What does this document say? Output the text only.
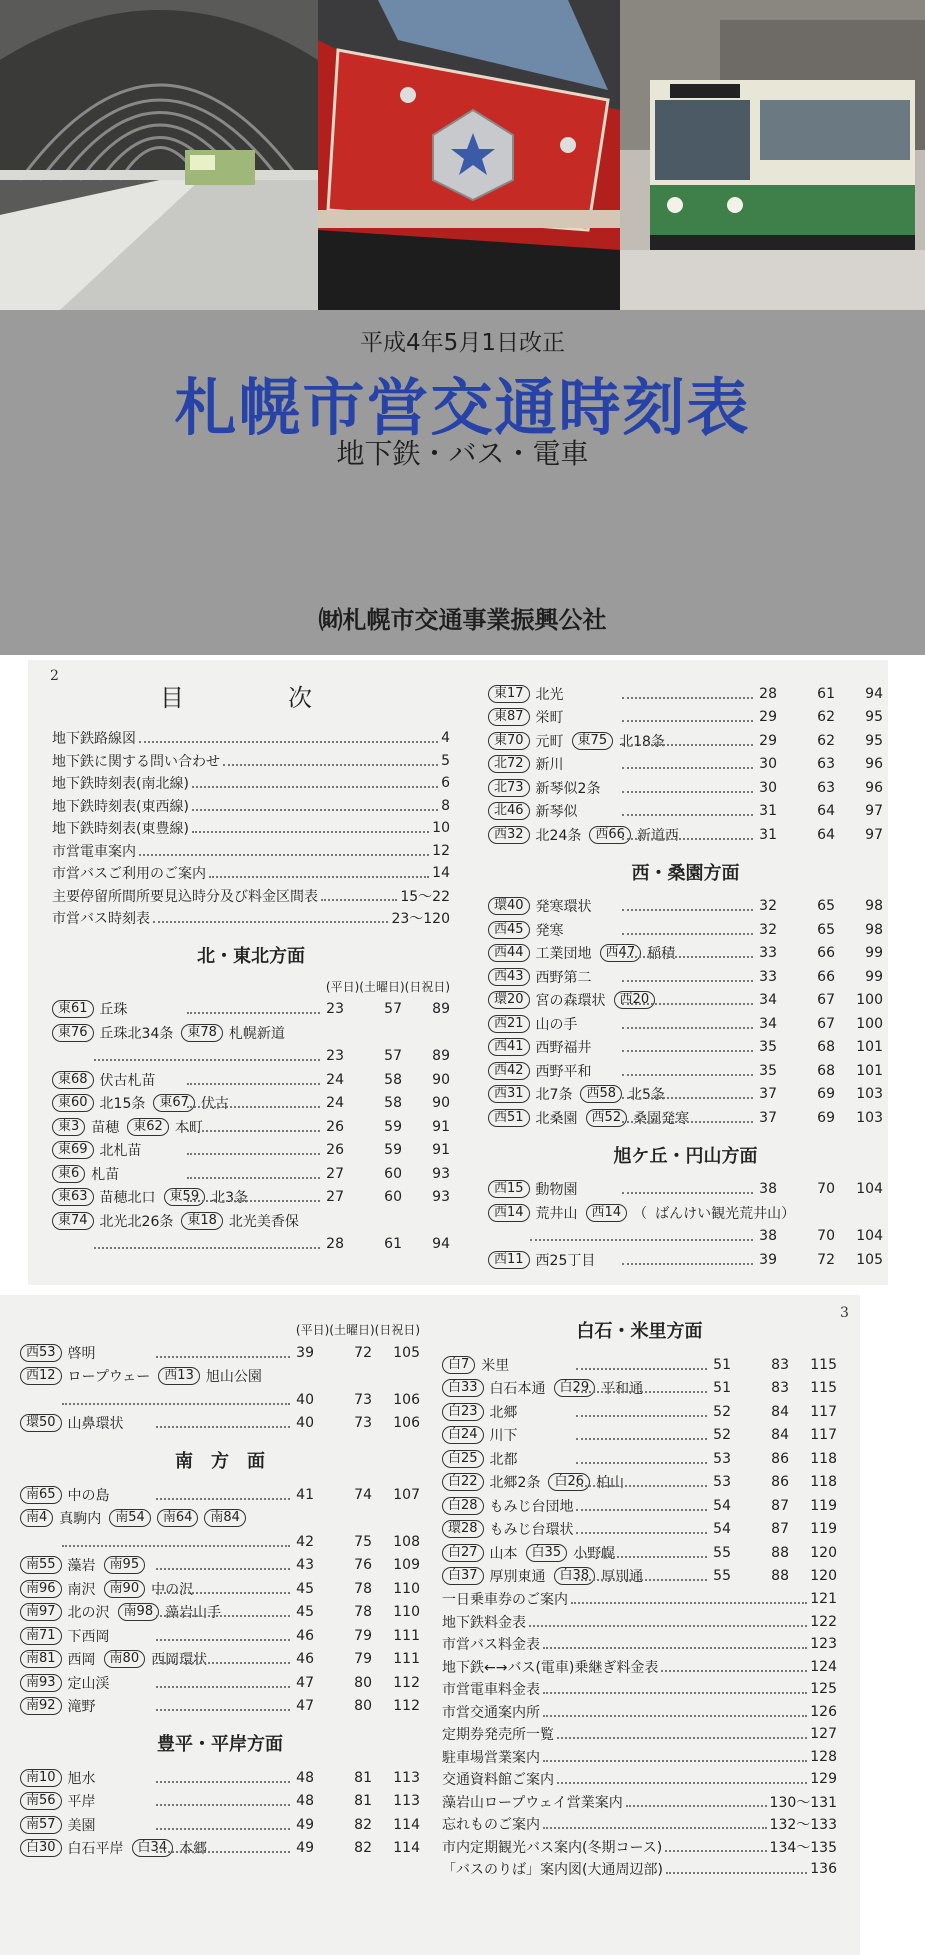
平成4年5月1日改正
札幌市営交通時刻表
地下鉄・バス・電車
㈶札幌市交通事業振興公社
2
目　次
地下鉄路線図	4
地下鉄に関する問い合わせ	5
地下鉄時刻表(南北線)	6
地下鉄時刻表(東西線)	8
地下鉄時刻表(東豊線)	10
市営電車案内	12
市営バスご利用のご案内	14
主要停留所間所要見込時分及び料金区間表	15～22
市営バス時刻表	23～120
北・東北方面
(平日)(土曜日)(日祝日)
東61 丘珠	23	57	89
東76 丘珠北34条	東78 札幌新道
23	57	89
東68 伏古札苗	24	58	90
東60 北15条	東67 伏古	24	58	90
東3 苗穂	東62 本町	26	59	91
東69 北札苗	26	59	91
東6 札苗	27	60	93
東63 苗穂北口	東59 北3条	27	60	93
東74 北光北26条	東18 北光美香保
28	61	94
東17 北光	28	61	94
東87 栄町	29	62	95
東70 元町	東75 北18条	29	62	95
北72 新川	30	63	96
北73 新琴似2条	30	63	96
北46 新琴似	31	64	97
西32 北24条	西66 新道西	31	64	97
西・桑園方面
環40 発寒環状	32	65	98
西45 発寒	32	65	98
西44 工業団地	西47 稲積	33	66	99
西43 西野第二	33	66	99
環20 宮の森環状	西20	34	67	100
西21 山の手	34	67	100
西41 西野福井	35	68	101
西42 西野平和	35	68	101
西31 北7条	西58 北5条	37	69	103
西51 北桑園	西52 桑園発寒	37	69	103
旭ケ丘・円山方面
西15 動物園	38	70	104
西14 荒井山	西14 （ ばんけい観光荒井山）
38	70	104
西11 西25丁目	39	72	105
3
(平日)(土曜日)(日祝日)
西53 啓明	39	72	105
西12 ロープウェー	西13 旭山公園
40	73	106
環50 山鼻環状	40	73	106
南　方　面
南65 中の島	41	74	107
南4 真駒内	南54	南64	南84
42	75	108
南55 藻岩	南95	43	76	109
南96 南沢	南90 中の沢	45	78	110
南97 北の沢	南98 藻岩山手	45	78	110
南71 下西岡	46	79	111
南81 西岡	南80 西岡環状	46	79	111
南93 定山渓	47	80	112
南92 滝野	47	80	112
豊平・平岸方面
南10 旭水	48	81	113
南56 平岸	48	81	113
南57 美園	49	82	114
白30 白石平岸	白34 本郷	49	82	114
白石・米里方面
白7 米里	51	83	115
白33 白石本通	白29 平和通	51	83	115
白23 北郷	52	84	117
白24 川下	52	84	117
白25 北都	53	86	118
白22 北郷2条	白26 柏山	53	86	118
白28 もみじ台団地	54	87	119
環28 もみじ台環状	54	87	119
白27 山本	白35 小野幌	55	88	120
白37 厚別東通	白38 厚別通	55	88	120
一日乗車券のご案内	121
地下鉄料金表	122
市営バス料金表	123
地下鉄←→バス(電車)乗継ぎ料金表	124
市営電車料金表	125
市営交通案内所	126
定期券発売所一覧	127
駐車場営業案内	128
交通資料館ご案内	129
藻岩山ロープウェイ営業案内	130～131
忘れものご案内	132～133
市内定期観光バス案内(冬期コース)	134～135
「バスのりば」案内図(大通周辺部)	136
